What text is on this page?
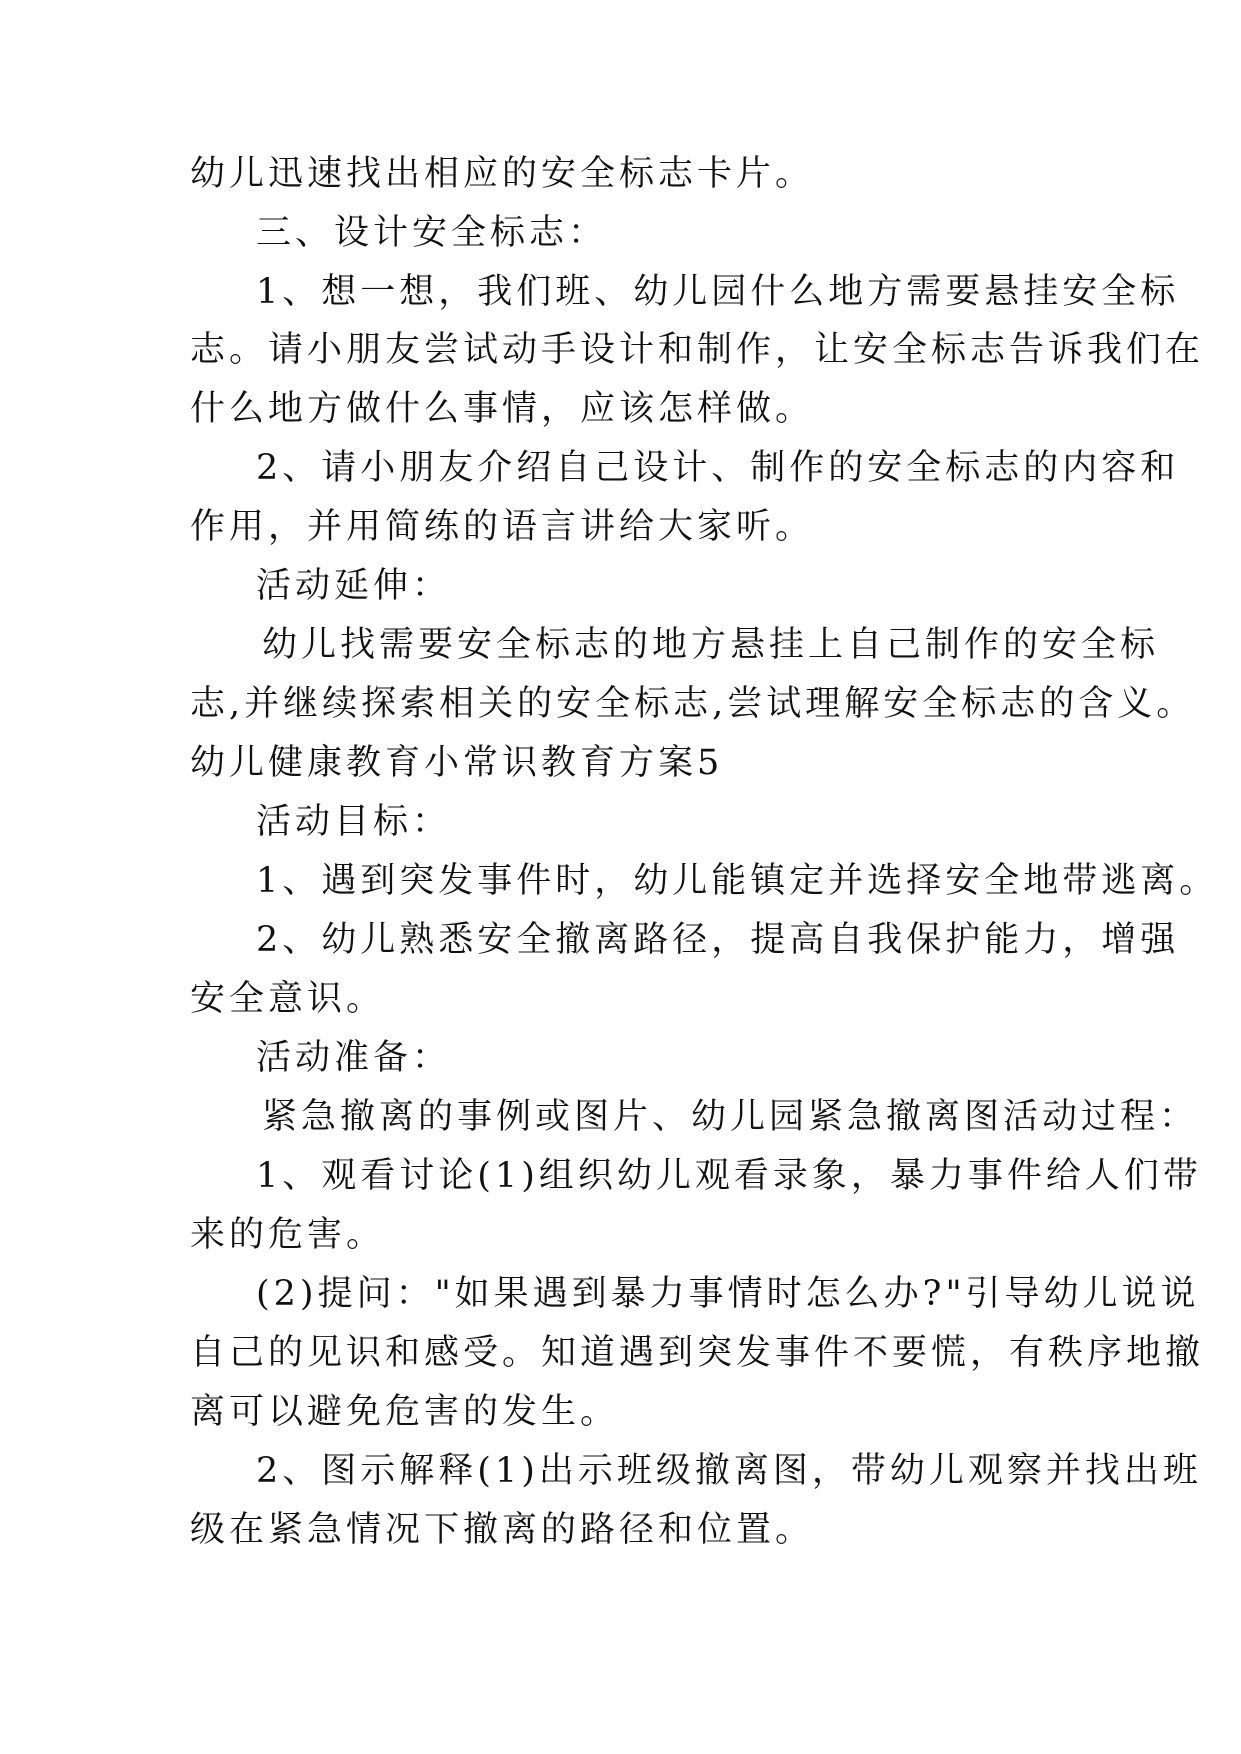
幼儿迅速找出相应的安全标志卡片。
三、设计安全标志：
1、想一想，我们班、幼儿园什么地方需要悬挂安全标
志。请小朋友尝试动手设计和制作，让安全标志告诉我们在
什么地方做什么事情，应该怎样做。
2、请小朋友介绍自己设计、制作的安全标志的内容和
作用，并用简练的语言讲给大家听。
活动延伸：
幼儿找需要安全标志的地方悬挂上自己制作的安全标
志,并继续探索相关的安全标志,尝试理解安全标志的含义。
幼儿健康教育小常识教育方案5
活动目标：
1、遇到突发事件时，幼儿能镇定并选择安全地带逃离。
2、幼儿熟悉安全撤离路径，提高自我保护能力，增强
安全意识。
活动准备：
紧急撤离的事例或图片、幼儿园紧急撤离图活动过程：
1、观看讨论(1)组织幼儿观看录象，暴力事件给人们带
来的危害。
(2)提问："如果遇到暴力事情时怎么办?"引导幼儿说说
自己的见识和感受。知道遇到突发事件不要慌，有秩序地撤
离可以避免危害的发生。
2、图示解释(1)出示班级撤离图，带幼儿观察并找出班
级在紧急情况下撤离的路径和位置。
